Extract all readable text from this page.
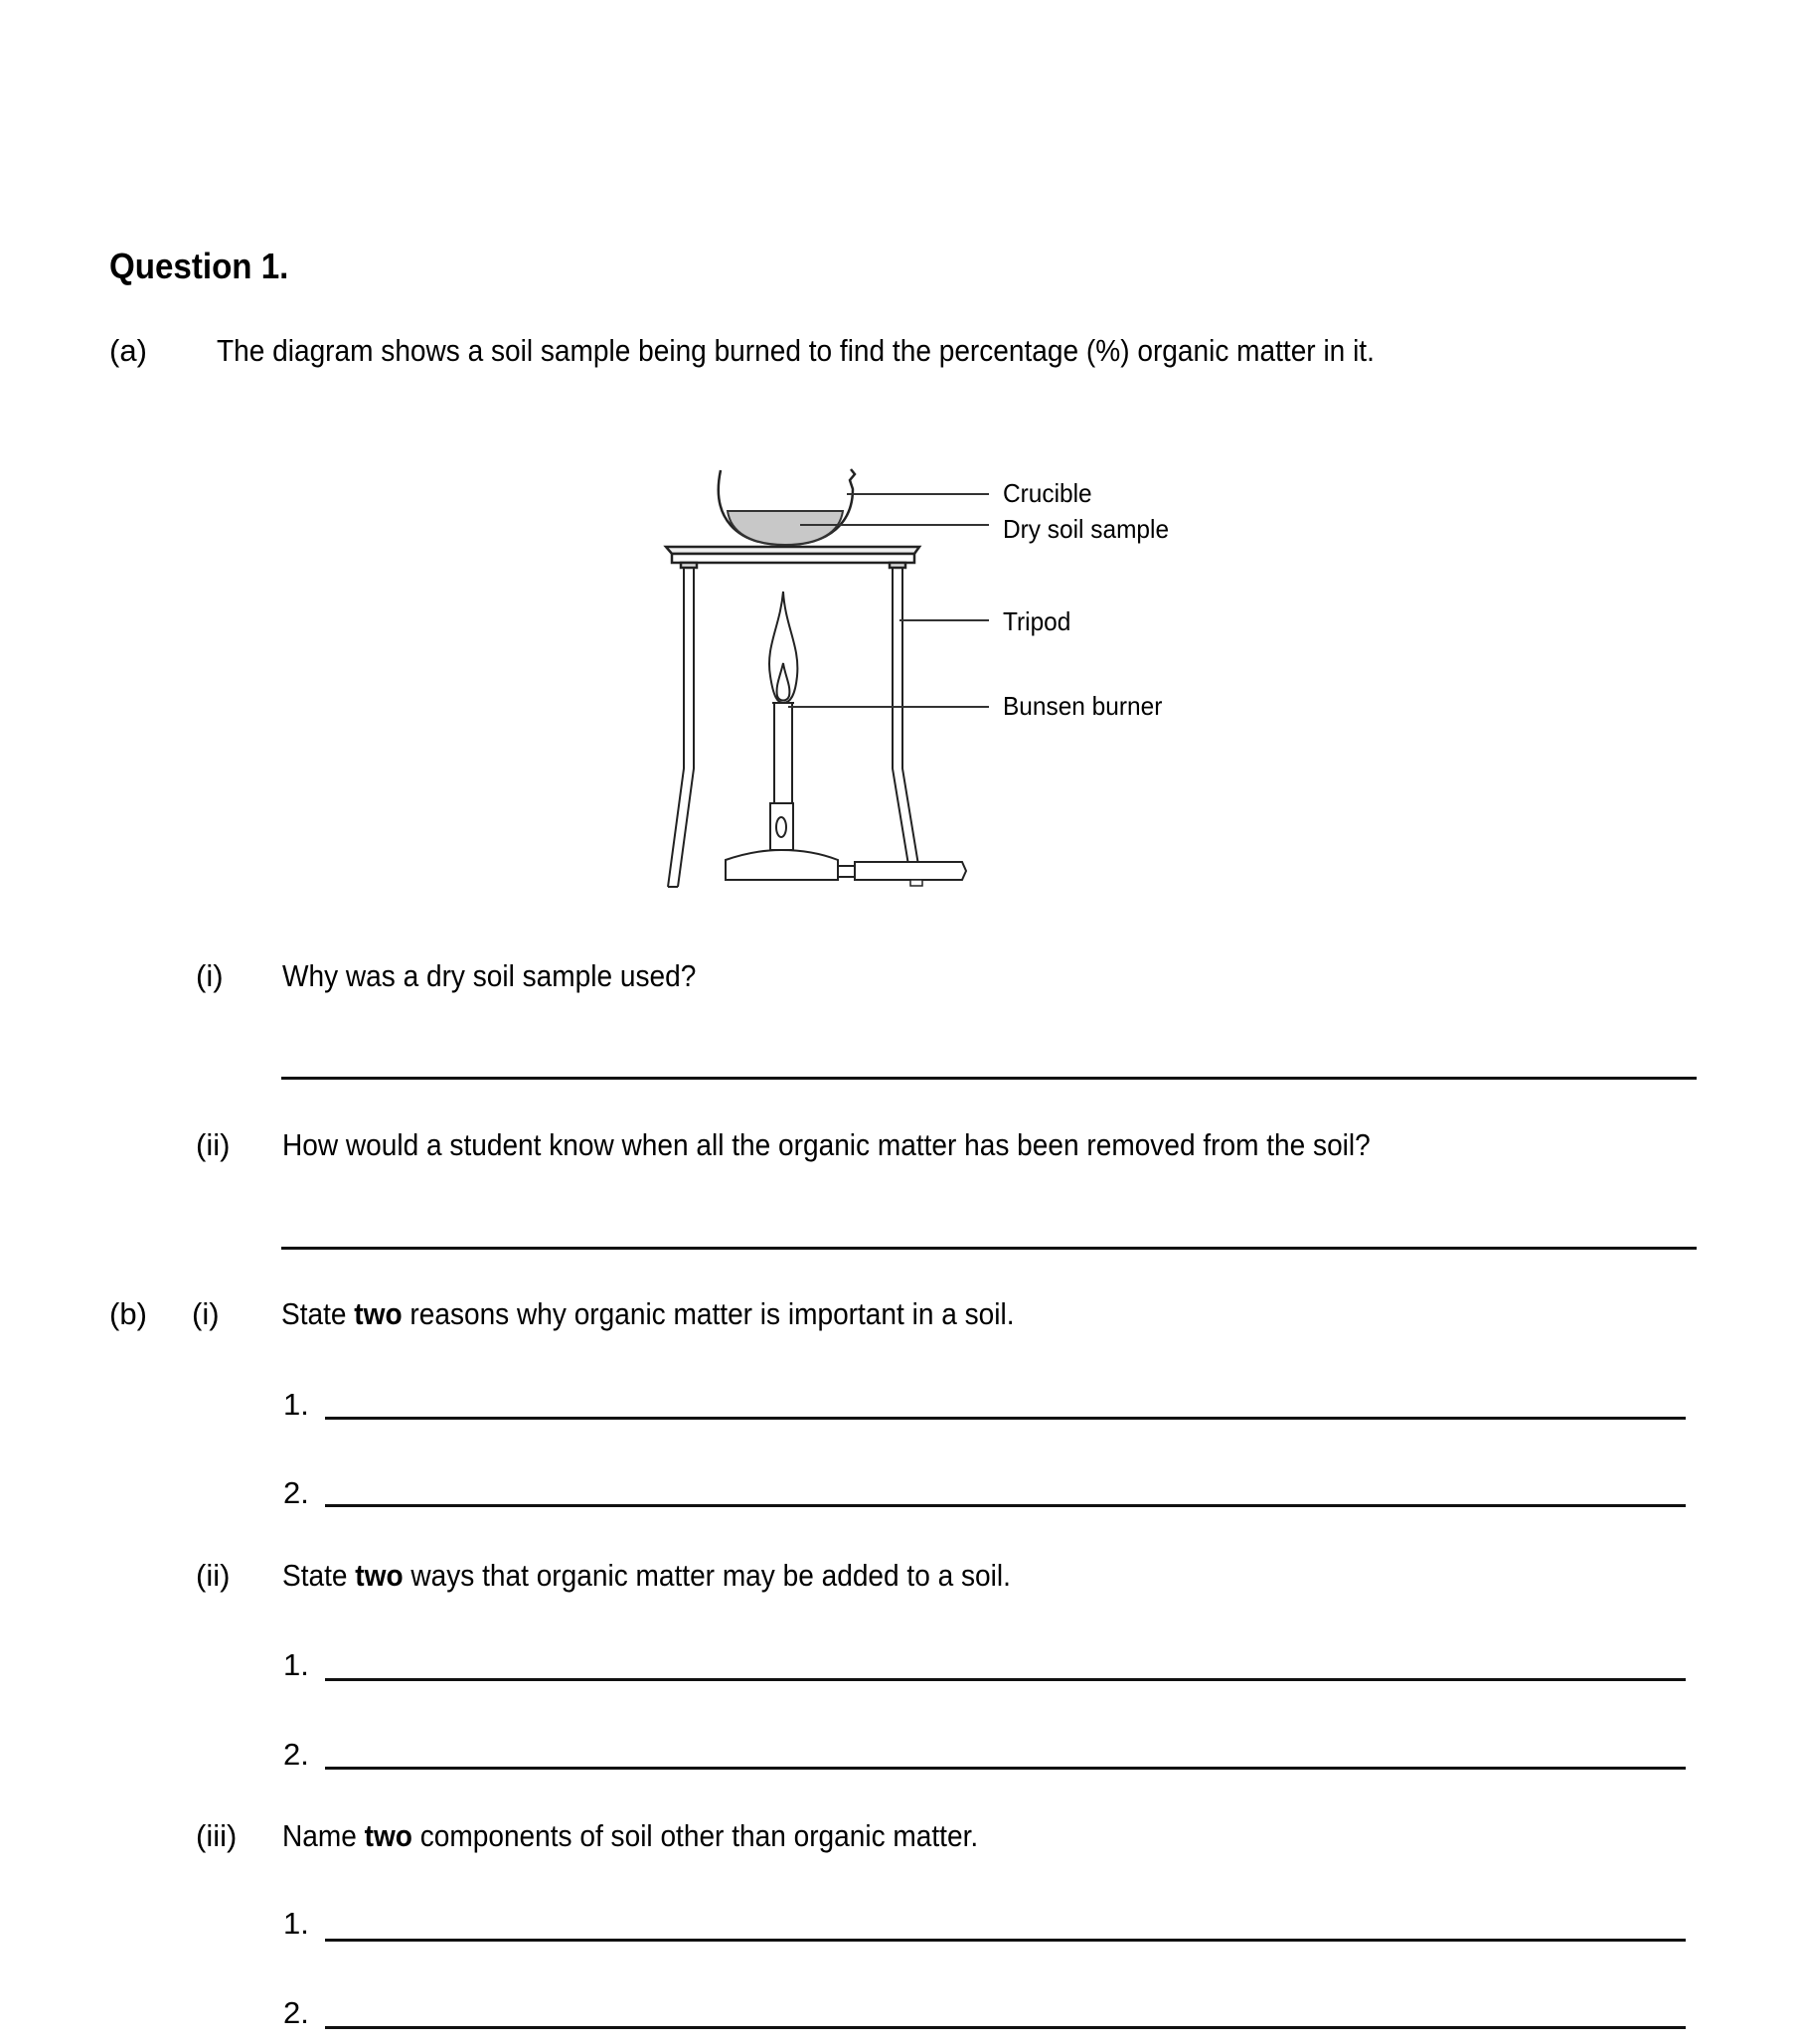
Question 1.
(a) The diagram shows a soil sample being burned to find the percentage (%) organic matter in it.
Crucible
Dry soil sample
Tripod
Bunsen burner
(i) Why was a dry soil sample used?
(ii) How would a student know when all the organic matter has been removed from the soil?
(b) (i) State two reasons why organic matter is important in a soil.
1.
2.
(ii) State two ways that organic matter may be added to a soil.
1.
2.
(iii) Name two components of soil other than organic matter.
1.
2.
